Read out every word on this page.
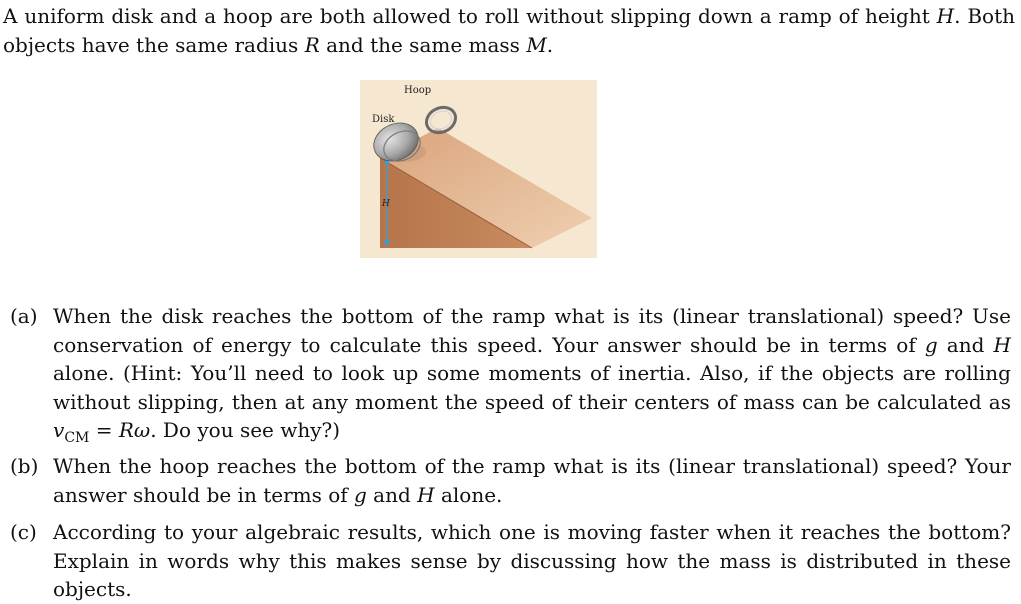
A uniform disk and a hoop are both allowed to roll without slipping down a ramp of height H. Both objects have the same radius R and the same mass M.

H
Disk
Hoop
(a) When the disk reaches the bottom of the ramp what is its (linear translational) speed? Use conservation of energy to calculate this speed. Your answer should be in terms of g and H alone. (Hint: You’ll need to look up some moments of inertia. Also, if the objects are rolling without slipping, then at any moment the speed of their centers of mass can be calculated as $v_{CM} = R\omega$. Do you see why?)

(b) When the hoop reaches the bottom of the ramp what is its (linear translational) speed? Your answer should be in terms of g and H alone.

(c) According to your algebraic results, which one is moving faster when it reaches the bottom? Explain in words why this makes sense by discussing how the mass is distributed in these objects.
